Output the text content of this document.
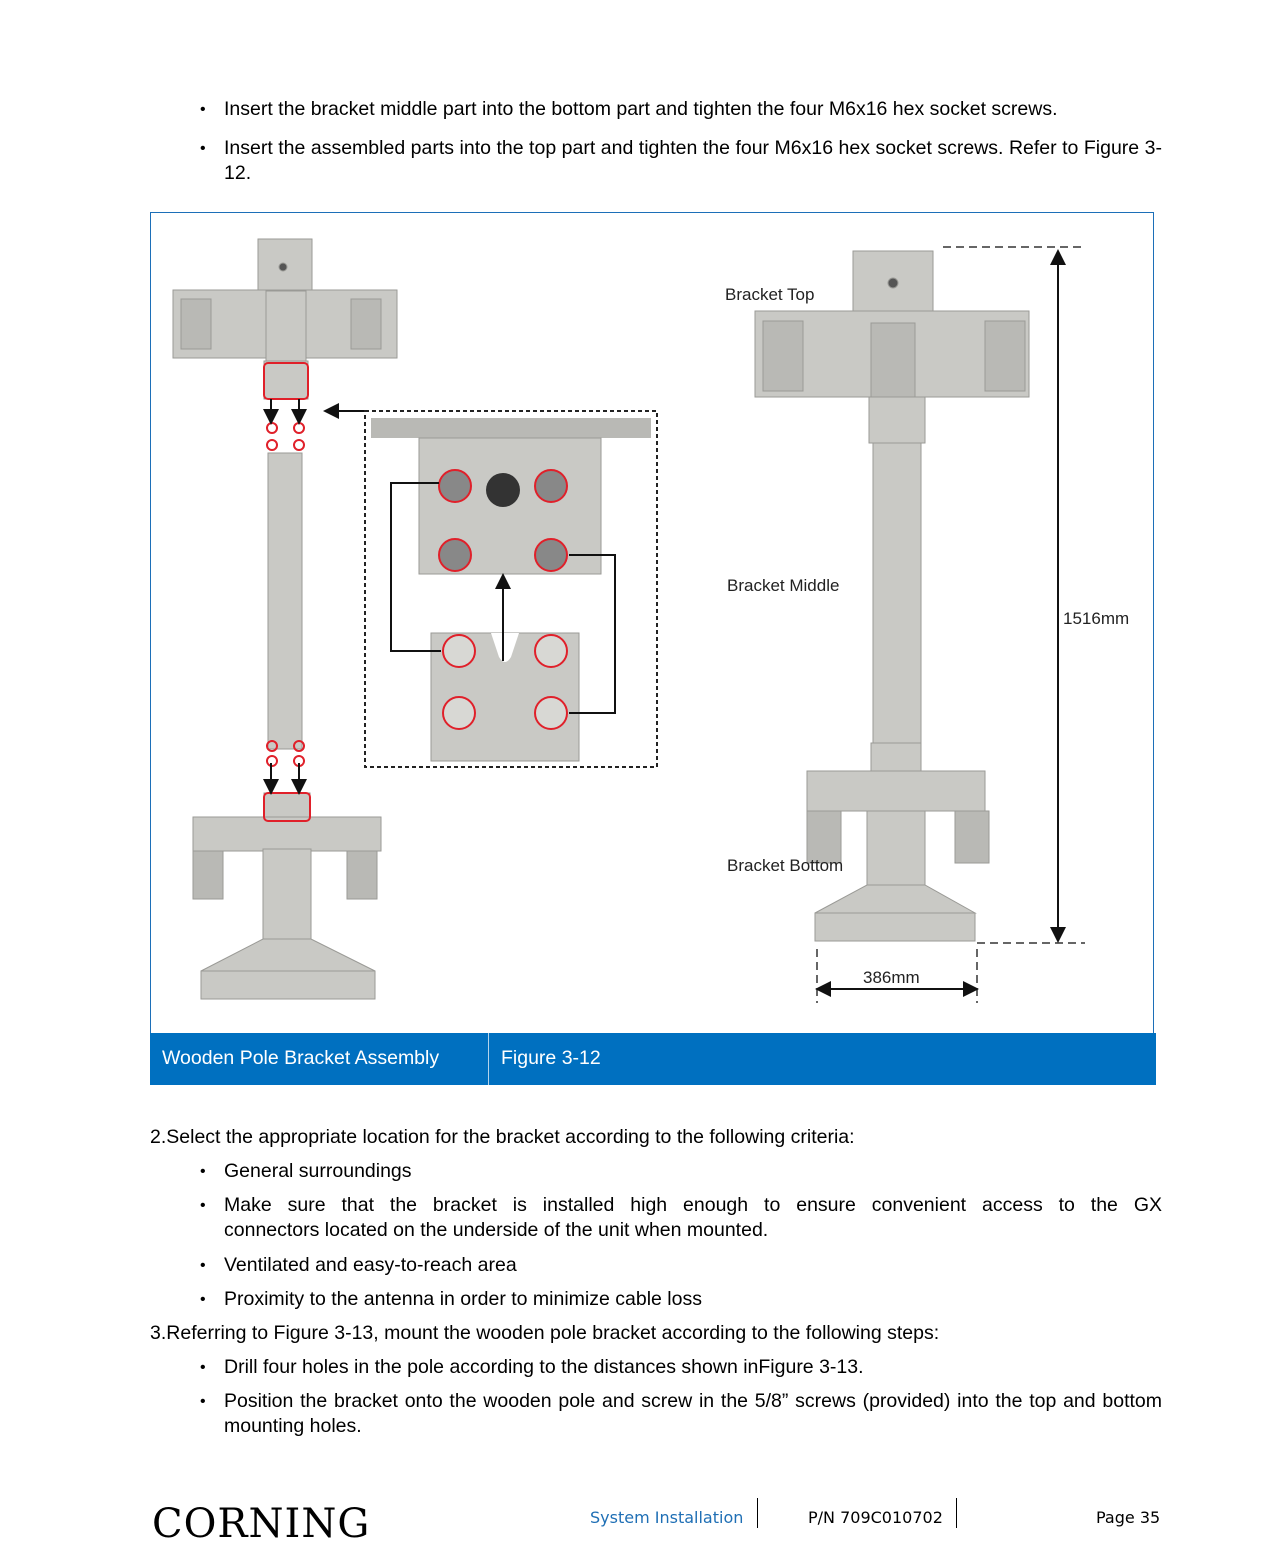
• Insert the bracket middle part into the bottom part and tighten the four M6x16 hex socket screws.
• Insert the assembled parts into the top part and tighten the four M6x16 hex socket screws. Refer to Figure 3-12.
Bracket Top
Bracket Middle
Bracket Bottom
1516mm
386mm
Wooden Pole Bracket Assembly	Figure 3-12
2.Select the appropriate location for the bracket according to the following criteria:
• General surroundings
• Make sure that the bracket is installed high enough to ensure convenient access to the GX
connectors located on the underside of the unit when mounted.
• Ventilated and easy-to-reach area
• Proximity to the antenna in order to minimize cable loss
3.Referring to Figure 3-13, mount the wooden pole bracket according to the following steps:
• Drill four holes in the pole according to the distances shown inFigure 3-13.
• Position the bracket onto the wooden pole and screw in the 5/8” screws (provided) into the top and bottom mounting holes.
CORNING	System Installation	P/N 709C010702	Page 35
